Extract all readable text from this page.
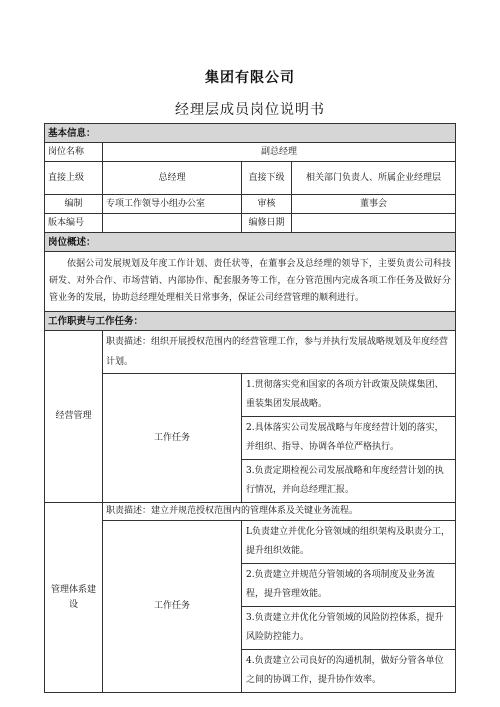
集团有限公司
经理层成员岗位说明书
基本信息：			
岗位名称	副总经理		
直接上级	总经理	直接下级	相关部门负责人、所属企业经理层
编制	专项工作领导小组办公室	审核	董事会
版本编号		编修日期	
岗位概述：			
依据公司发展规划及年度工作计划、责任状等，在董事会及总经理的领导下，主要负责公司科技研发、对外合作、市场营销、内部协作、配套服务等工作，在分管范围内完成各项工作任务及做好分管业务的发展，协助总经理处理相关日常事务，保证公司经营管理的顺利进行。			
工作职责与工作任务：			
经营管理	职责描述：组织开展授权范围内的经营管理工作，参与并执行发展战略规划及年度经营计划。		
	工作任务	1.贯彻落实党和国家的各项方针政策及陕煤集团、重装集团发展战略。	
		2.具体落实公司发展战略与年度经营计划的落实，并组织、指导、协调各单位严格执行。	
		3.负责定期检视公司发展战略和年度经营计划的执行情况，并向总经理汇报。	
管理体系建设	职责描述：建立并规范授权范围内的管理体系及关键业务流程。		
	工作任务	L负责建立并优化分管领域的组织架构及职责分工，提升组织效能。	
		2.负责建立并规范分管领域的各项制度及业务流程，提升管理效能。	
		3.负责建立并优化分管领域的风险防控体系，提升风险防控能力。	
		4.负责建立公司良好的沟通机制，做好分管各单位之间的协调工作，提升协作效率。	
